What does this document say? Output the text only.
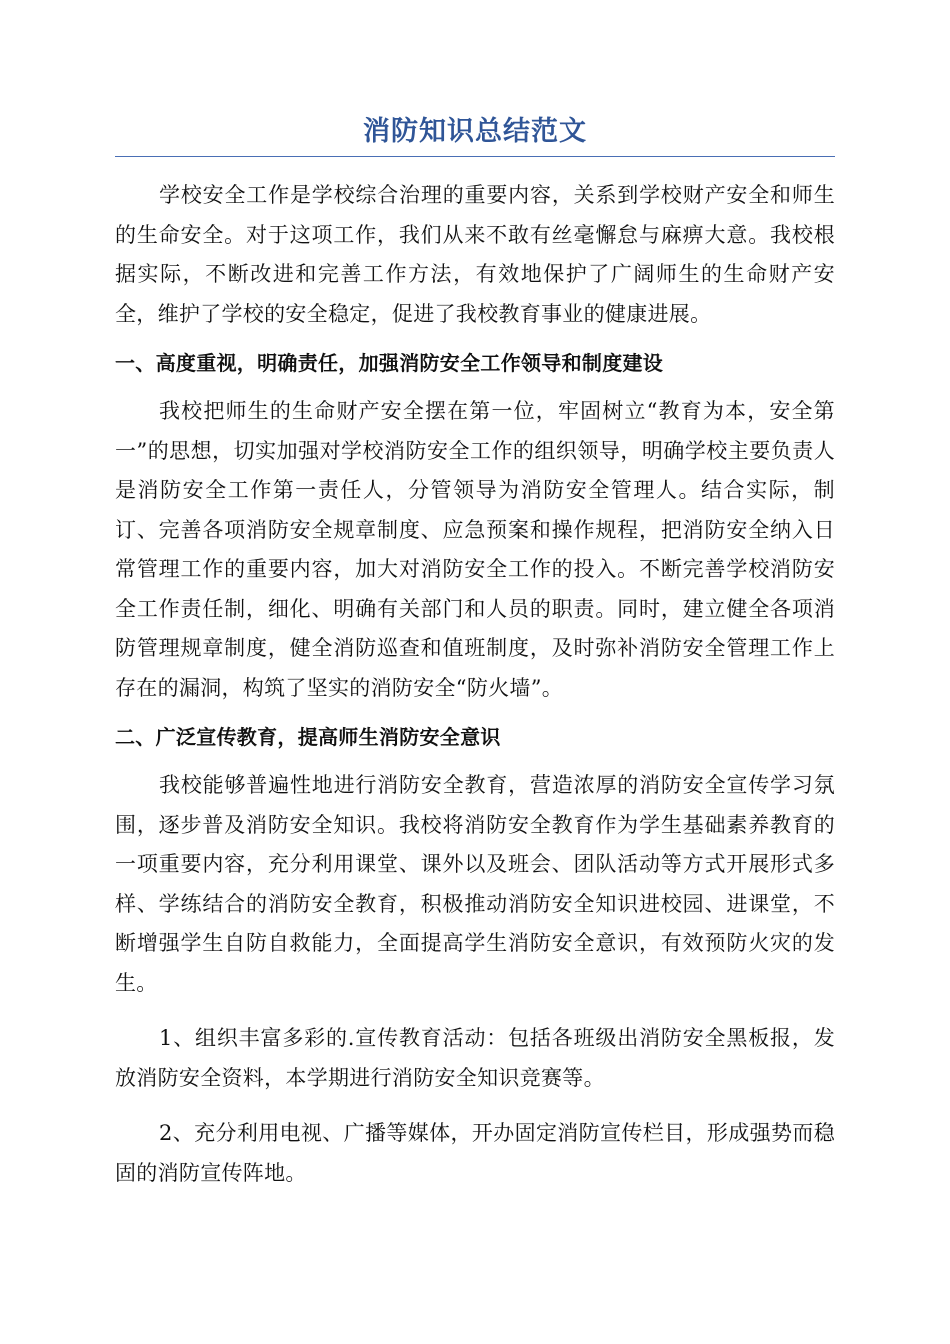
消防知识总结范文

学校安全工作是学校综合治理的重要内容，关系到学校财产安全和师生的生命安全。对于这项工作，我们从来不敢有丝毫懈怠与麻痹大意。我校根据实际，不断改进和完善工作方法，有效地保护了广阔师生的生命财产安全，维护了学校的安全稳定，促进了我校教育事业的健康进展。

一、高度重视，明确责任，加强消防安全工作领导和制度建设

我校把师生的生命财产安全摆在第一位，牢固树立“教育为本，安全第一”的思想，切实加强对学校消防安全工作的组织领导，明确学校主要负责人是消防安全工作第一责任人，分管领导为消防安全管理人。结合实际，制订、完善各项消防安全规章制度、应急预案和操作规程，把消防安全纳入日常管理工作的重要内容，加大对消防安全工作的投入。不断完善学校消防安全工作责任制，细化、明确有关部门和人员的职责。同时，建立健全各项消防管理规章制度，健全消防巡查和值班制度，及时弥补消防安全管理工作上存在的漏洞，构筑了坚实的消防安全“防火墙”。

二、广泛宣传教育，提高师生消防安全意识

我校能够普遍性地进行消防安全教育，营造浓厚的消防安全宣传学习氛围，逐步普及消防安全知识。我校将消防安全教育作为学生基础素养教育的一项重要内容，充分利用课堂、课外以及班会、团队活动等方式开展形式多样、学练结合的消防安全教育，积极推动消防安全知识进校园、进课堂，不断增强学生自防自救能力，全面提高学生消防安全意识，有效预防火灾的发生。

1、组织丰富多彩的.宣传教育活动：包括各班级出消防安全黑板报，发放消防安全资料，本学期进行消防安全知识竞赛等。

2、充分利用电视、广播等媒体，开办固定消防宣传栏目，形成强势而稳固的消防宣传阵地。
